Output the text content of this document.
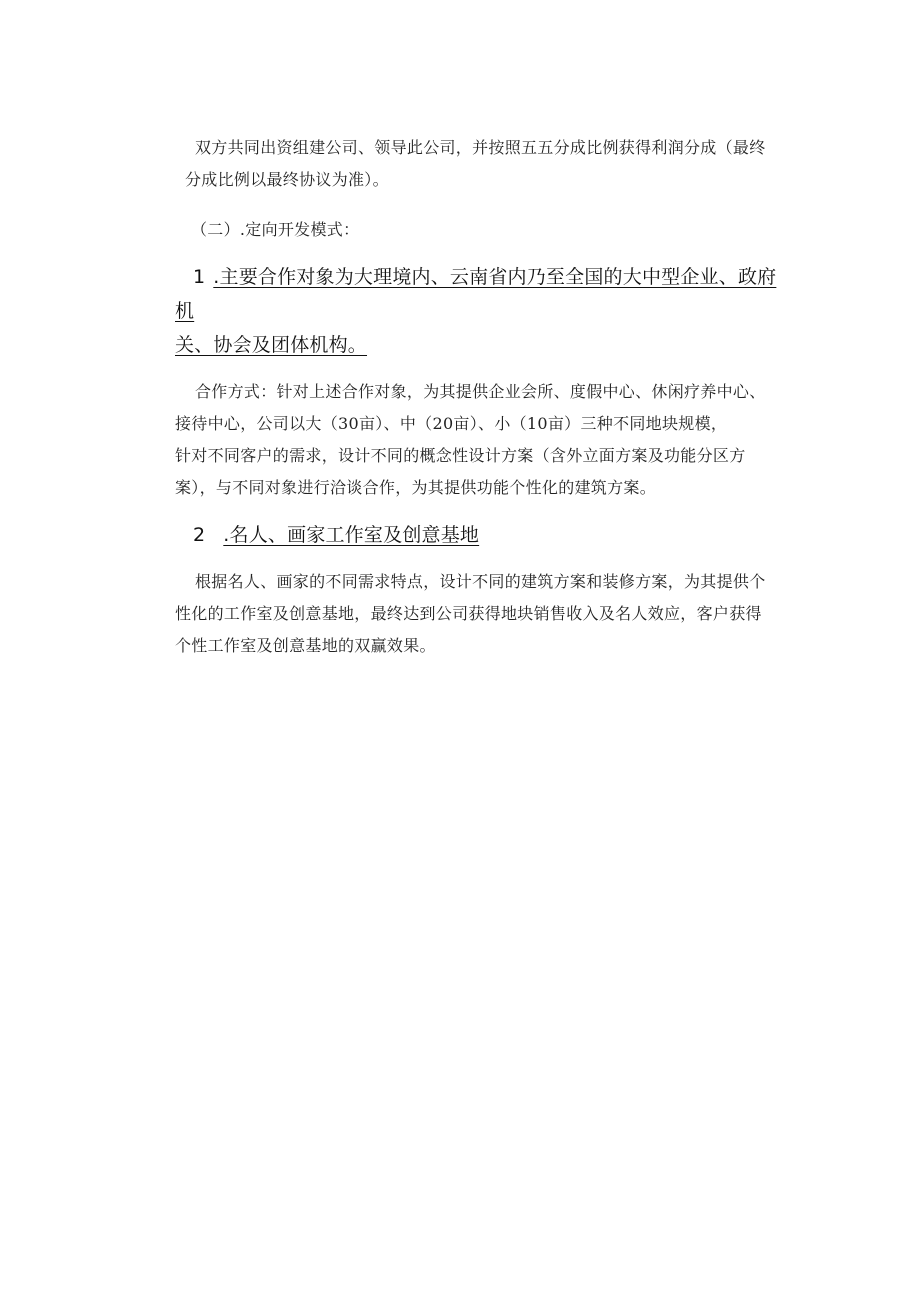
双方共同出资组建公司、领导此公司，并按照五五分成比例获得利润分成（最终
分成比例以最终协议为准）。

（二）.定向开发模式：

1 .主要合作对象为大理境内、云南省内乃至全国的大中型企业、政府机
关、协会及团体机构。

合作方式：针对上述合作对象，为其提供企业会所、度假中心、休闲疗养中心、
接待中心，公司以大（30亩）、中（20亩）、小（10亩）三种不同地块规模，
针对不同客户的需求，设计不同的概念性设计方案（含外立面方案及功能分区方
案），与不同对象进行洽谈合作，为其提供功能个性化的建筑方案。

2 .名人、画家工作室及创意基地

根据名人、画家的不同需求特点，设计不同的建筑方案和装修方案，为其提供个
性化的工作室及创意基地，最终达到公司获得地块销售收入及名人效应，客户获得
个性工作室及创意基地的双赢效果。
